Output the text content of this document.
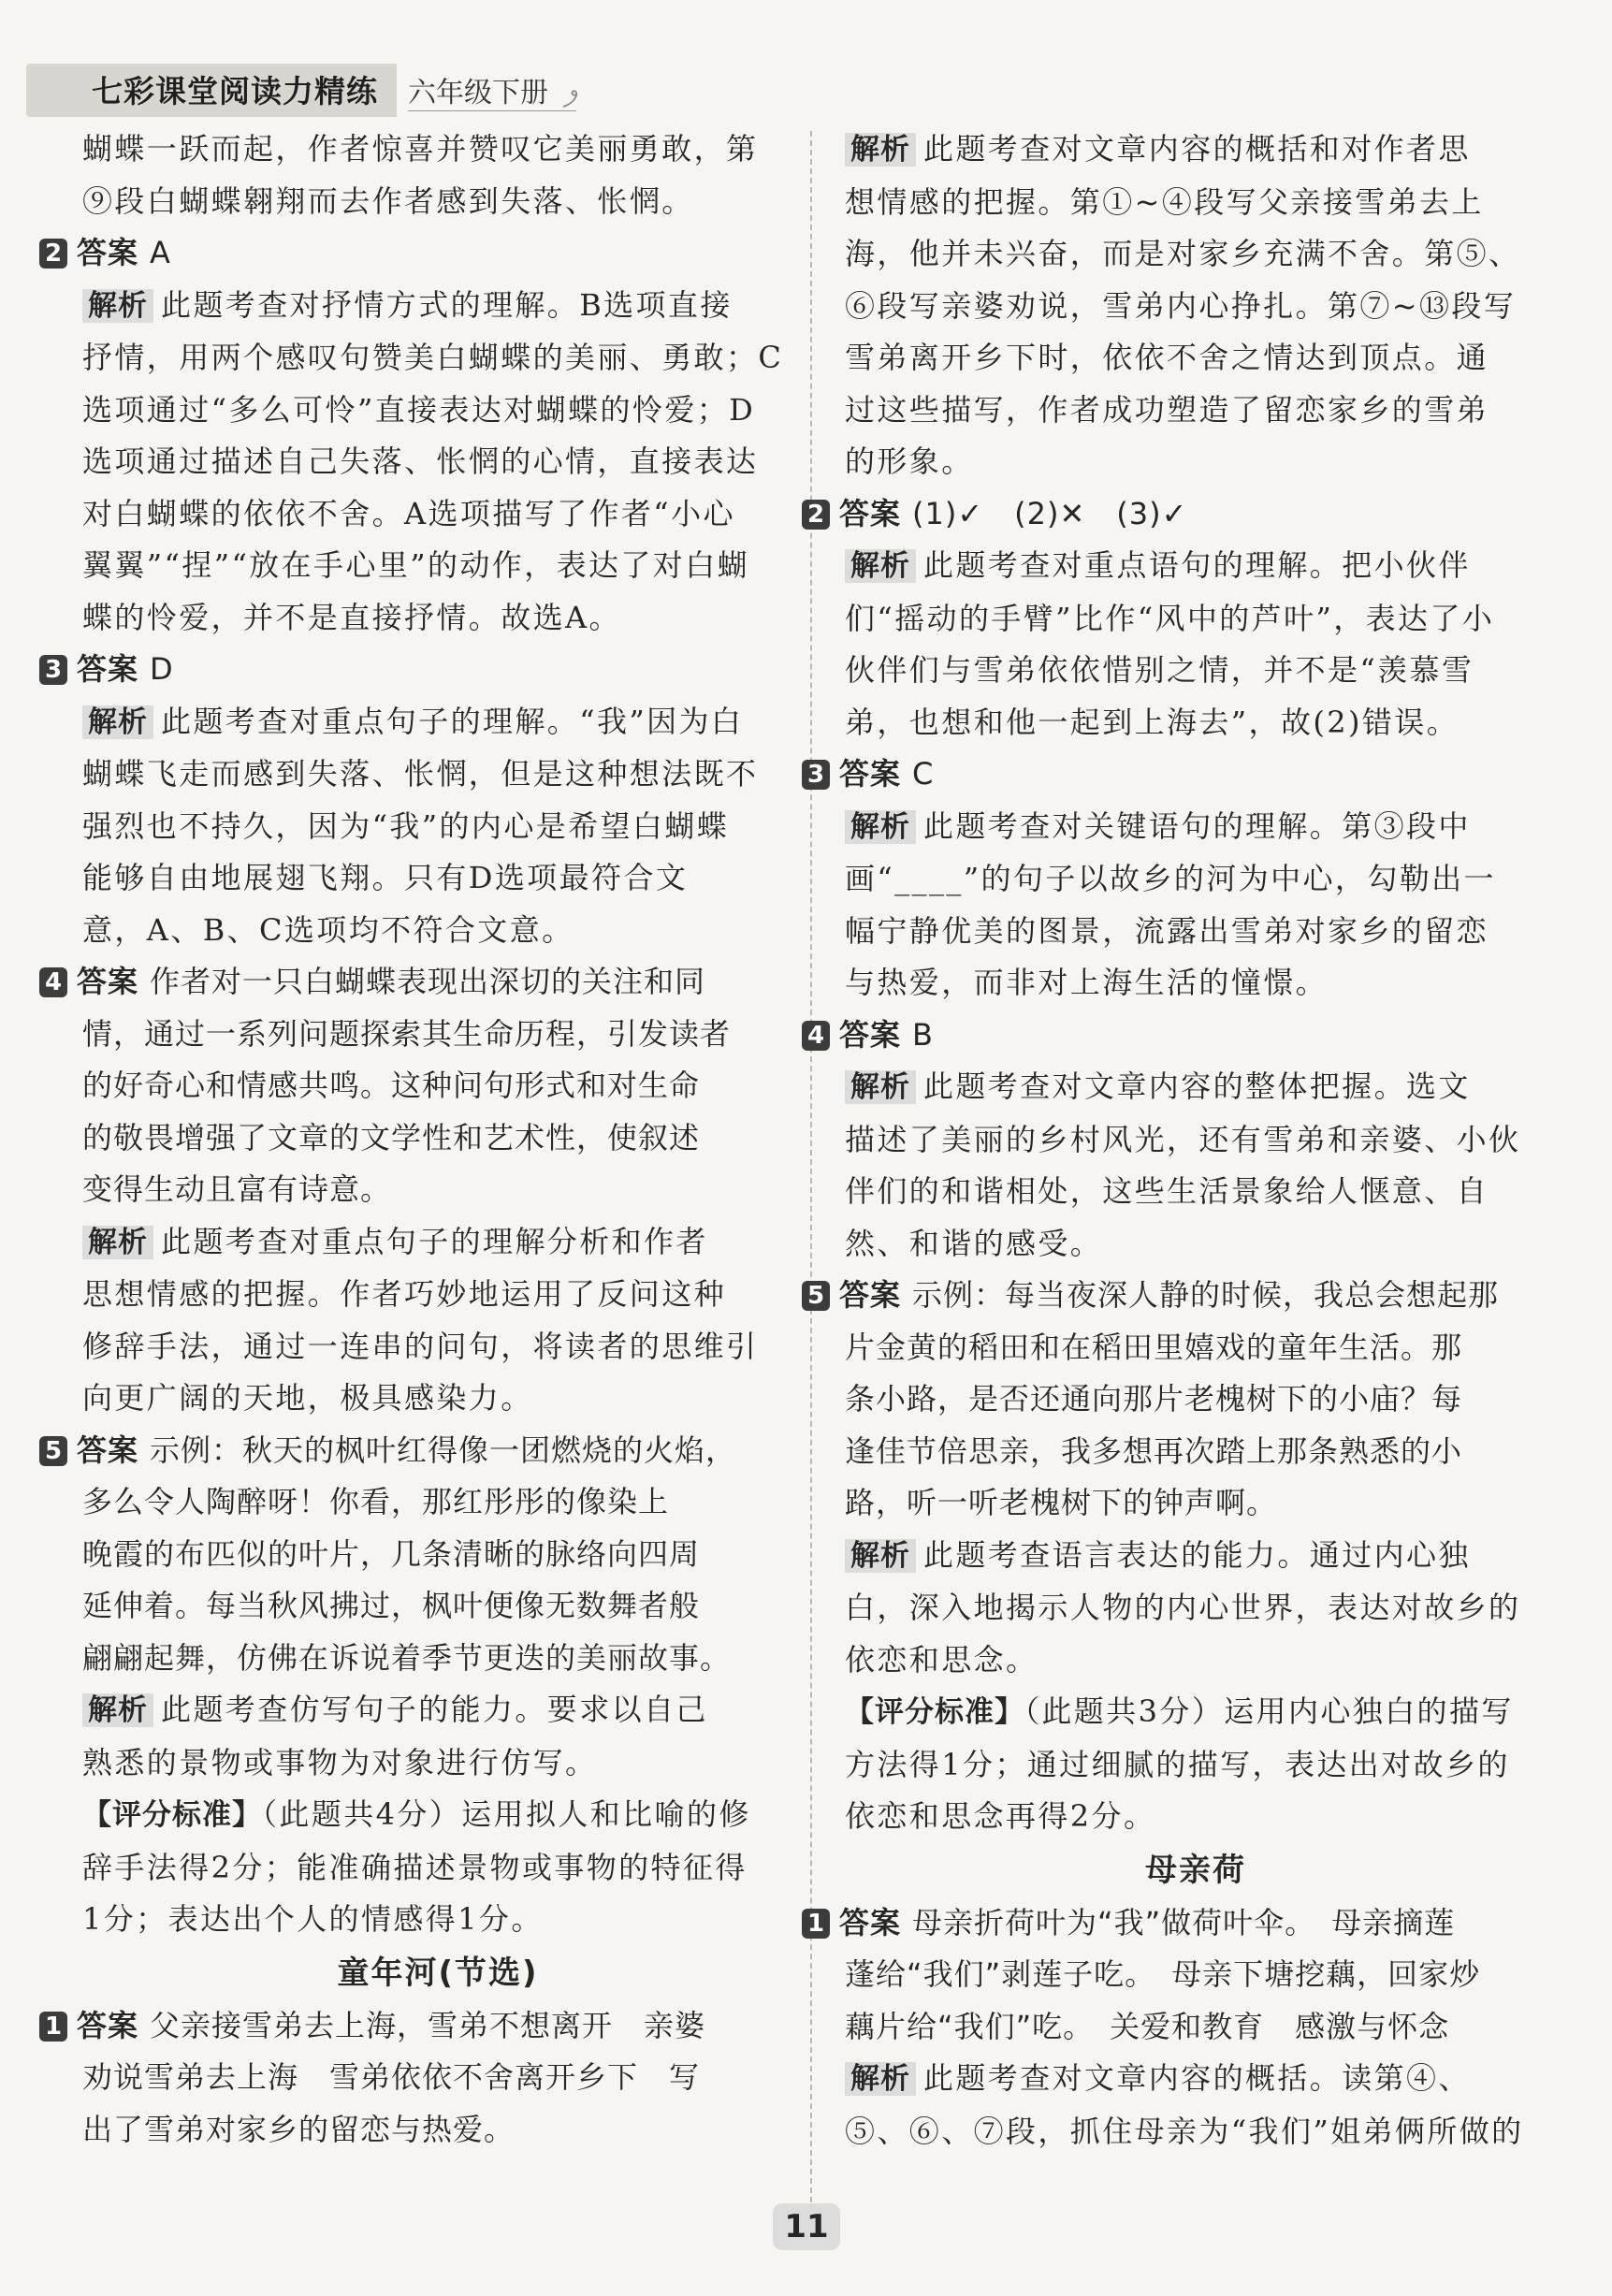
七彩课堂阅读力精练	六年级下册
蝴蝶一跃而起，作者惊喜并赞叹它美丽勇敢，第
⑨段白蝴蝶翱翔而去作者感到失落、怅惘。
2 答案 A
解析 此题考查对抒情方式的理解。B选项直接
抒情，用两个感叹句赞美白蝴蝶的美丽、勇敢；C
选项通过“多么可怜”直接表达对蝴蝶的怜爱；D
选项通过描述自己失落、怅惘的心情，直接表达
对白蝴蝶的依依不舍。A选项描写了作者“小心
翼翼”“捏”“放在手心里”的动作，表达了对白蝴
蝶的怜爱，并不是直接抒情。故选A。
3 答案 D
解析 此题考查对重点句子的理解。“我”因为白
蝴蝶飞走而感到失落、怅惘，但是这种想法既不
强烈也不持久，因为“我”的内心是希望白蝴蝶
能够自由地展翅飞翔。只有D选项最符合文
意，A、B、C选项均不符合文意。
4 答案 作者对一只白蝴蝶表现出深切的关注和同
情，通过一系列问题探索其生命历程，引发读者
的好奇心和情感共鸣。这种问句形式和对生命
的敬畏增强了文章的文学性和艺术性，使叙述
变得生动且富有诗意。
解析 此题考查对重点句子的理解分析和作者
思想情感的把握。作者巧妙地运用了反问这种
修辞手法，通过一连串的问句，将读者的思维引
向更广阔的天地，极具感染力。
5 答案 示例：秋天的枫叶红得像一团燃烧的火焰，
多么令人陶醉呀！你看，那红彤彤的像染上
晚霞的布匹似的叶片，几条清晰的脉络向四周
延伸着。每当秋风拂过，枫叶便像无数舞者般
翩翩起舞，仿佛在诉说着季节更迭的美丽故事。
解析 此题考查仿写句子的能力。要求以自己
熟悉的景物或事物为对象进行仿写。
【评分标准】（此题共4分）运用拟人和比喻的修
辞手法得2分；能准确描述景物或事物的特征得
1分；表达出个人的情感得1分。
童年河(节选)
1 答案 父亲接雪弟去上海，雪弟不想离开　亲婆
劝说雪弟去上海　雪弟依依不舍离开乡下　写
出了雪弟对家乡的留恋与热爱。
解析 此题考查对文章内容的概括和对作者思
想情感的把握。第①~④段写父亲接雪弟去上
海，他并未兴奋，而是对家乡充满不舍。第⑤、
⑥段写亲婆劝说，雪弟内心挣扎。第⑦~⑬段写
雪弟离开乡下时，依依不舍之情达到顶点。通
过这些描写，作者成功塑造了留恋家乡的雪弟
的形象。
2 答案 (1)✓　(2)✕　(3)✓
解析 此题考查对重点语句的理解。把小伙伴
们“摇动的手臂”比作“风中的芦叶”，表达了小
伙伴们与雪弟依依惜别之情，并不是“羡慕雪
弟，也想和他一起到上海去”，故(2)错误。
3 答案 C
解析 此题考查对关键语句的理解。第③段中
画“____”的句子以故乡的河为中心，勾勒出一
幅宁静优美的图景，流露出雪弟对家乡的留恋
与热爱，而非对上海生活的憧憬。
4 答案 B
解析 此题考查对文章内容的整体把握。选文
描述了美丽的乡村风光，还有雪弟和亲婆、小伙
伴们的和谐相处，这些生活景象给人惬意、自
然、和谐的感受。
5 答案 示例：每当夜深人静的时候，我总会想起那
片金黄的稻田和在稻田里嬉戏的童年生活。那
条小路，是否还通向那片老槐树下的小庙？每
逢佳节倍思亲，我多想再次踏上那条熟悉的小
路，听一听老槐树下的钟声啊。
解析 此题考查语言表达的能力。通过内心独
白，深入地揭示人物的内心世界，表达对故乡的
依恋和思念。
【评分标准】（此题共3分）运用内心独白的描写
方法得1分；通过细腻的描写，表达出对故乡的
依恋和思念再得2分。
母亲荷
1 答案 母亲折荷叶为“我”做荷叶伞。　母亲摘莲
蓬给“我们”剥莲子吃。　母亲下塘挖藕，回家炒
藕片给“我们”吃。　关爱和教育　感激与怀念
解析 此题考查对文章内容的概括。读第④、
⑤、⑥、⑦段，抓住母亲为“我们”姐弟俩所做的
11
